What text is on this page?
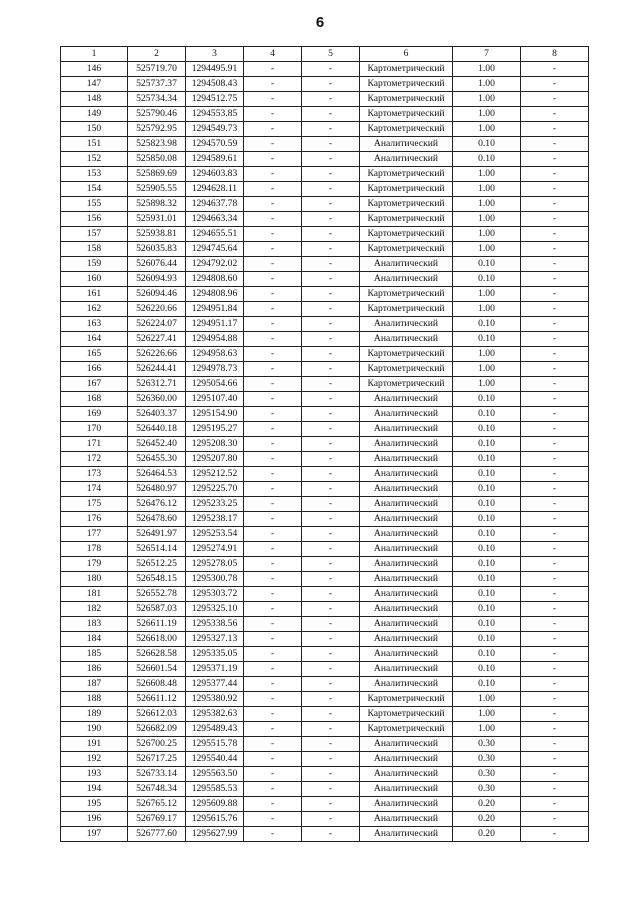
6
1	2	3	4	5	6	7	8
146	525719.70	1294495.91	-	-	Картометрический	1.00	-
147	525737.37	1294508.43	-	-	Картометрический	1.00	-
148	525734.34	1294512.75	-	-	Картометрический	1.00	-
149	525790.46	1294553.85	-	-	Картометрический	1.00	-
150	525792.95	1294549.73	-	-	Картометрический	1.00	-
151	525823.98	1294570.59	-	-	Аналитический	0.10	-
152	525850.08	1294589.61	-	-	Аналитический	0.10	-
153	525869.69	1294603.83	-	-	Картометрический	1.00	-
154	525905.55	1294628.11	-	-	Картометрический	1.00	-
155	525898.32	1294637.78	-	-	Картометрический	1.00	-
156	525931.01	1294663.34	-	-	Картометрический	1.00	-
157	525938.81	1294655.51	-	-	Картометрический	1.00	-
158	526035.83	1294745.64	-	-	Картометрический	1.00	-
159	526076.44	1294792.02	-	-	Аналитический	0.10	-
160	526094.93	1294808.60	-	-	Аналитический	0.10	-
161	526094.46	1294808.96	-	-	Картометрический	1.00	-
162	526220.66	1294951.84	-	-	Картометрический	1.00	-
163	526224.07	1294951.17	-	-	Аналитический	0.10	-
164	526227.41	1294954.88	-	-	Аналитический	0.10	-
165	526226.66	1294958.63	-	-	Картометрический	1.00	-
166	526244.41	1294978.73	-	-	Картометрический	1.00	-
167	526312.71	1295054.66	-	-	Картометрический	1.00	-
168	526360.00	1295107.40	-	-	Аналитический	0.10	-
169	526403.37	1295154.90	-	-	Аналитический	0.10	-
170	526440.18	1295195.27	-	-	Аналитический	0.10	-
171	526452.40	1295208.30	-	-	Аналитический	0.10	-
172	526455.30	1295207.80	-	-	Аналитический	0.10	-
173	526464.53	1295212.52	-	-	Аналитический	0.10	-
174	526480.97	1295225.70	-	-	Аналитический	0.10	-
175	526476.12	1295233.25	-	-	Аналитический	0.10	-
176	526478.60	1295238.17	-	-	Аналитический	0.10	-
177	526491.97	1295253.54	-	-	Аналитический	0.10	-
178	526514.14	1295274.91	-	-	Аналитический	0.10	-
179	526512.25	1295278.05	-	-	Аналитический	0.10	-
180	526548.15	1295300.78	-	-	Аналитический	0.10	-
181	526552.78	1295303.72	-	-	Аналитический	0.10	-
182	526587.03	1295325.10	-	-	Аналитический	0.10	-
183	526611.19	1295338.56	-	-	Аналитический	0.10	-
184	526618.00	1295327.13	-	-	Аналитический	0.10	-
185	526628.58	1295335.05	-	-	Аналитический	0.10	-
186	526601.54	1295371.19	-	-	Аналитический	0.10	-
187	526608.48	1295377.44	-	-	Аналитический	0.10	-
188	526611.12	1295380.92	-	-	Картометрический	1.00	-
189	526612.03	1295382.63	-	-	Картометрический	1.00	-
190	526682.09	1295489.43	-	-	Картометрический	1.00	-
191	526700.25	1295515.78	-	-	Аналитический	0.30	-
192	526717.25	1295540.44	-	-	Аналитический	0.30	-
193	526733.14	1295563.50	-	-	Аналитический	0.30	-
194	526748.34	1295585.53	-	-	Аналитический	0.30	-
195	526765.12	1295609.88	-	-	Аналитический	0.20	-
196	526769.17	1295615.76	-	-	Аналитический	0.20	-
197	526777.60	1295627.99	-	-	Аналитический	0.20	-
